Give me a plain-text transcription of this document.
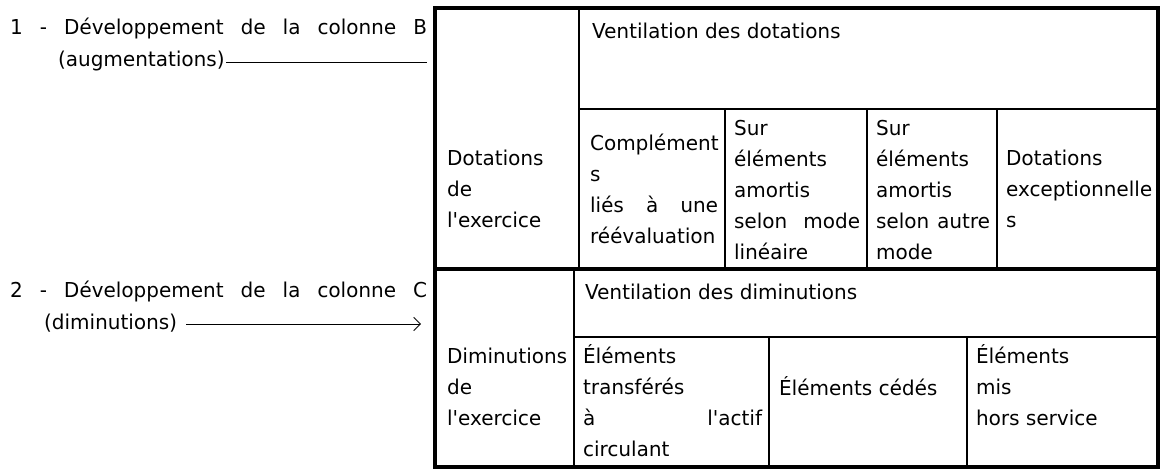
1 - Développement de la colonne B
(augmentations)
2 - Développement de la colonne C
(diminutions)
Dotations
de
l'exercice
Ventilation des dotations
Complément
s
liés à une
réévaluation
Sur
éléments
amortis
selon mode
linéaire
Sur
éléments
amortis
selon autre
mode
Dotations
exceptionnelle
s
Diminutions
de
l'exercice
Ventilation des diminutions
Éléments
transférés
à	l'actif
circulant
Éléments cédés
Éléments
mis
hors service
